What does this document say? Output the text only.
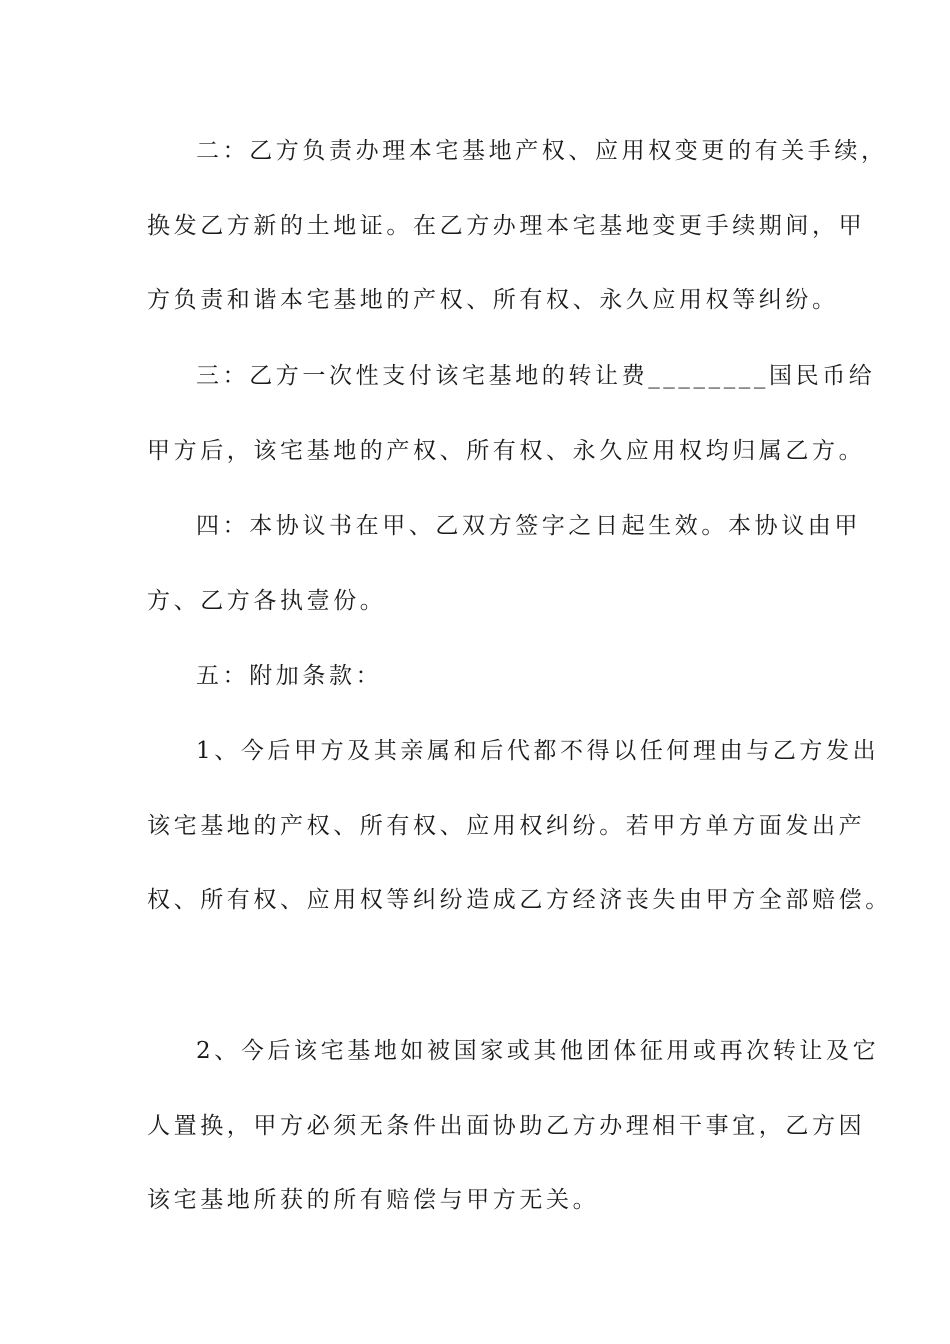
二：乙方负责办理本宅基地产权、应用权变更的有关手续，
换发乙方新的土地证。在乙方办理本宅基地变更手续期间，甲
方负责和谐本宅基地的产权、所有权、永久应用权等纠纷。
三：乙方一次性支付该宅基地的转让费________国民币给
甲方后，该宅基地的产权、所有权、永久应用权均归属乙方。
四：本协议书在甲、乙双方签字之日起生效。本协议由甲
方、乙方各执壹份。
五：附加条款：
1、今后甲方及其亲属和后代都不得以任何理由与乙方发出
该宅基地的产权、所有权、应用权纠纷。若甲方单方面发出产
权、所有权、应用权等纠纷造成乙方经济丧失由甲方全部赔偿。
2、今后该宅基地如被国家或其他团体征用或再次转让及它
人置换，甲方必须无条件出面协助乙方办理相干事宜，乙方因
该宅基地所获的所有赔偿与甲方无关。
